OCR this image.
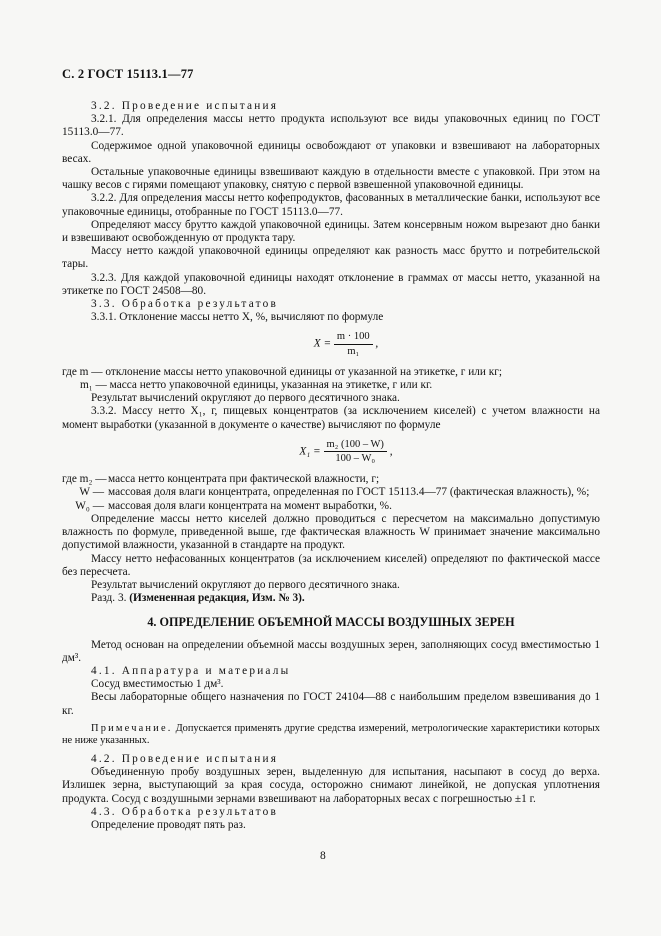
С. 2 ГОСТ 15113.1—77

3.2. Проведение испытания

3.2.1. Для определения массы нетто продукта используют все виды упаковочных единиц по ГОСТ 15113.0—77.

Содержимое одной упаковочной единицы освобождают от упаковки и взвешивают на лабораторных весах.

Остальные упаковочные единицы взвешивают каждую в отдельности вместе с упаковкой. При этом на чашку весов с гирями помещают упаковку, снятую с первой взвешенной упаковочной единицы.

3.2.2. Для определения массы нетто кофепродуктов, фасованных в металлические банки, используют все упаковочные единицы, отобранные по ГОСТ 15113.0—77.

Определяют массу брутто каждой упаковочной единицы. Затем консервным ножом вырезают дно банки и взвешивают освобожденную от продукта тару.

Массу нетто каждой упаковочной единицы определяют как разность масс брутто и потребительской тары.

3.2.3. Для каждой упаковочной единицы находят отклонение в граммах от массы нетто, указанной на этикетке по ГОСТ 24508—80.

3.3. Обработка результатов

3.3.1. Отклонение массы нетто X, %, вычисляют по формуле

$X = \frac{m \cdot 100}{\text{m₁}}$ ,

где m — отклонение массы нетто упаковочной единицы от указанной на этикетке, г или кг;

m₁ — масса нетто упаковочной единицы, указанная на этикетке, г или кг.

Результат вычислений округляют до первого десятичного знака.

3.3.2. Массу нетто X₁, г, пищевых концентратов (за исключением киселей) с учетом влажности на момент выработки (указанной в документе о качестве) вычисляют по формуле

$X_1 = \frac{\text{m₂ (100 – W)}}{\text{100 – W₀}}$ ,
где m₂ — масса нетто концентрата при фактической влажности, г;
W — массовая доля влаги концентрата, определенная по ГОСТ 15113.4—77 (фактическая влажность), %;
W₀ — массовая доля влаги концентрата на момент выработки, %.

Определение массы нетто киселей должно проводиться с пересчетом на максимально допустимую влажность по формуле, приведенной выше, где фактическая влажность W принимает значение максимально допустимой влажности, указанной в стандарте на продукт.

Массу нетто нефасованных концентратов (за исключением киселей) определяют по фактической массе без пересчета.

Результат вычислений округляют до первого десятичного знака.

Разд. 3. (Измененная редакция, Изм. № 3).

4. ОПРЕДЕЛЕНИЕ ОБЪЕМНОЙ МАССЫ ВОЗДУШНЫХ ЗЕРЕН

Метод основан на определении объемной массы воздушных зерен, заполняющих сосуд вместимостью 1 дм³.

4.1. Аппаратура и материалы

Сосуд вместимостью 1 дм³.

Весы лабораторные общего назначения по ГОСТ 24104—88 с наибольшим пределом взвешивания до 1 кг.

Примечание. Допускается применять другие средства измерений, метрологические характеристики которых не ниже указанных.

4.2. Проведение испытания

Объединенную пробу воздушных зерен, выделенную для испытания, насыпают в сосуд до верха. Излишек зерна, выступающий за края сосуда, осторожно снимают линейкой, не допуская уплотнения продукта. Сосуд с воздушными зернами взвешивают на лабораторных весах с погрешностью ±1 г.

4.3. Обработка результатов

Определение проводят пять раз.

8
